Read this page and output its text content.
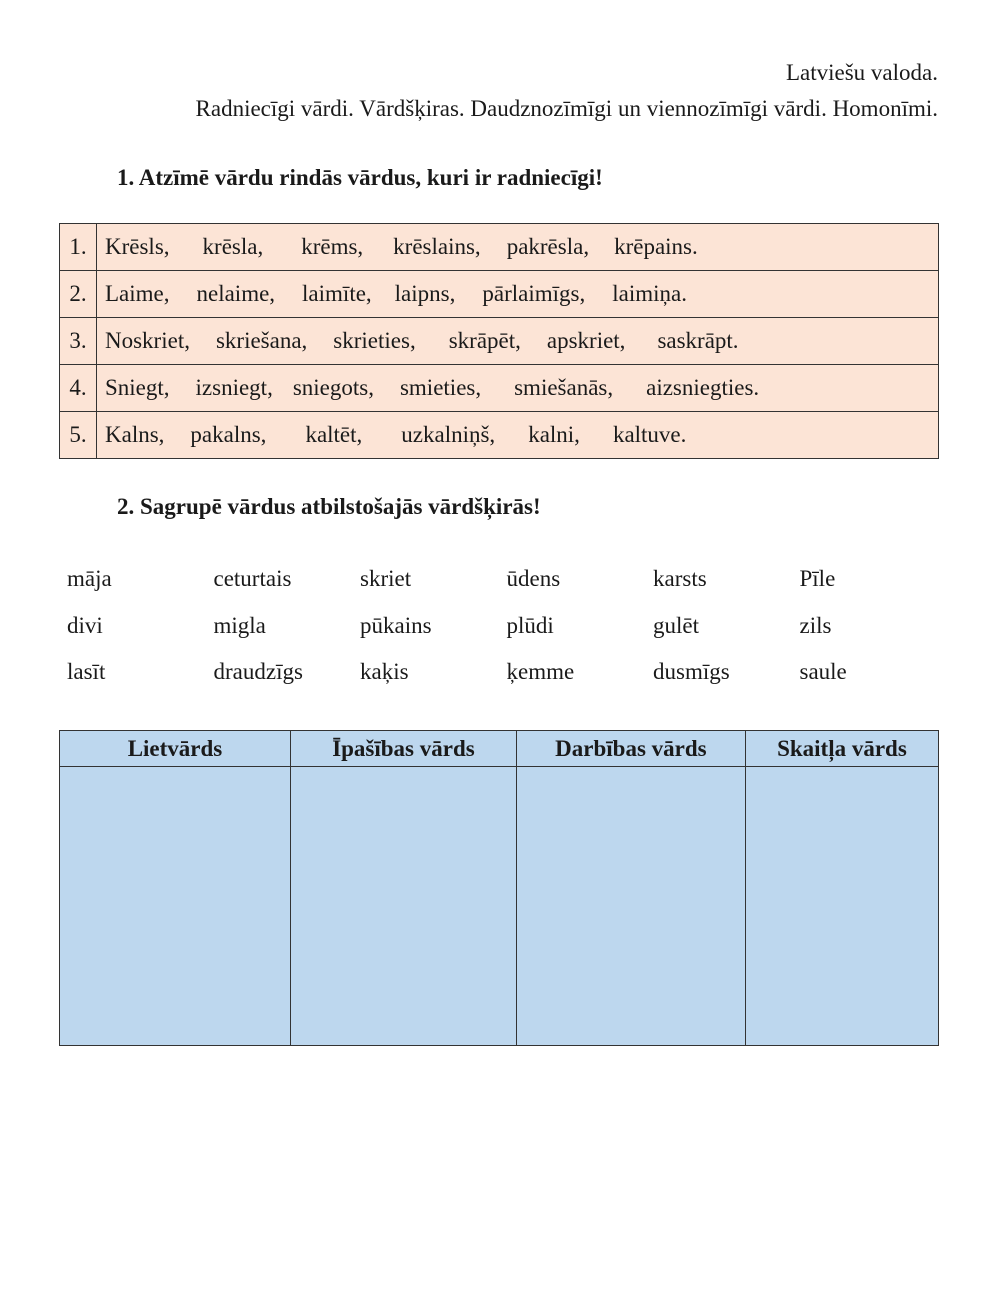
Latviešu valoda.
Radniecīgi vārdi. Vārdšķiras. Daudznozīmīgi un viennozīmīgi vārdi. Homonīmi.
1. Atzīmē vārdu rindās vārdus, kuri ir radniecīgi!
1.	Krēsls, krēsla, krēms, krēslains, pakrēsla, krēpains.
2.	Laime, nelaime, laimīte, laipns, pārlaimīgs, laimiņa.
3.	Noskriet, skriešana, skrieties, skrāpēt, apskriet, saskrāpt.
4.	Sniegt, izsniegt, sniegots, smieties, smiešanās, aizsniegties.
5.	Kalns, pakalns, kaltēt, uzkalniņš, kalni, kaltuve.
2. Sagrupē vārdus atbilstošajās vārdšķirās!
māja	ceturtais	skriet	ūdens	karsts	Pīle
divi	migla	pūkains	plūdi	gulēt	zils
lasīt	draudzīgs	kaķis	ķemme	dusmīgs	saule
Lietvārds	Īpašības vārds	Darbības vārds	Skaitļa vārds
